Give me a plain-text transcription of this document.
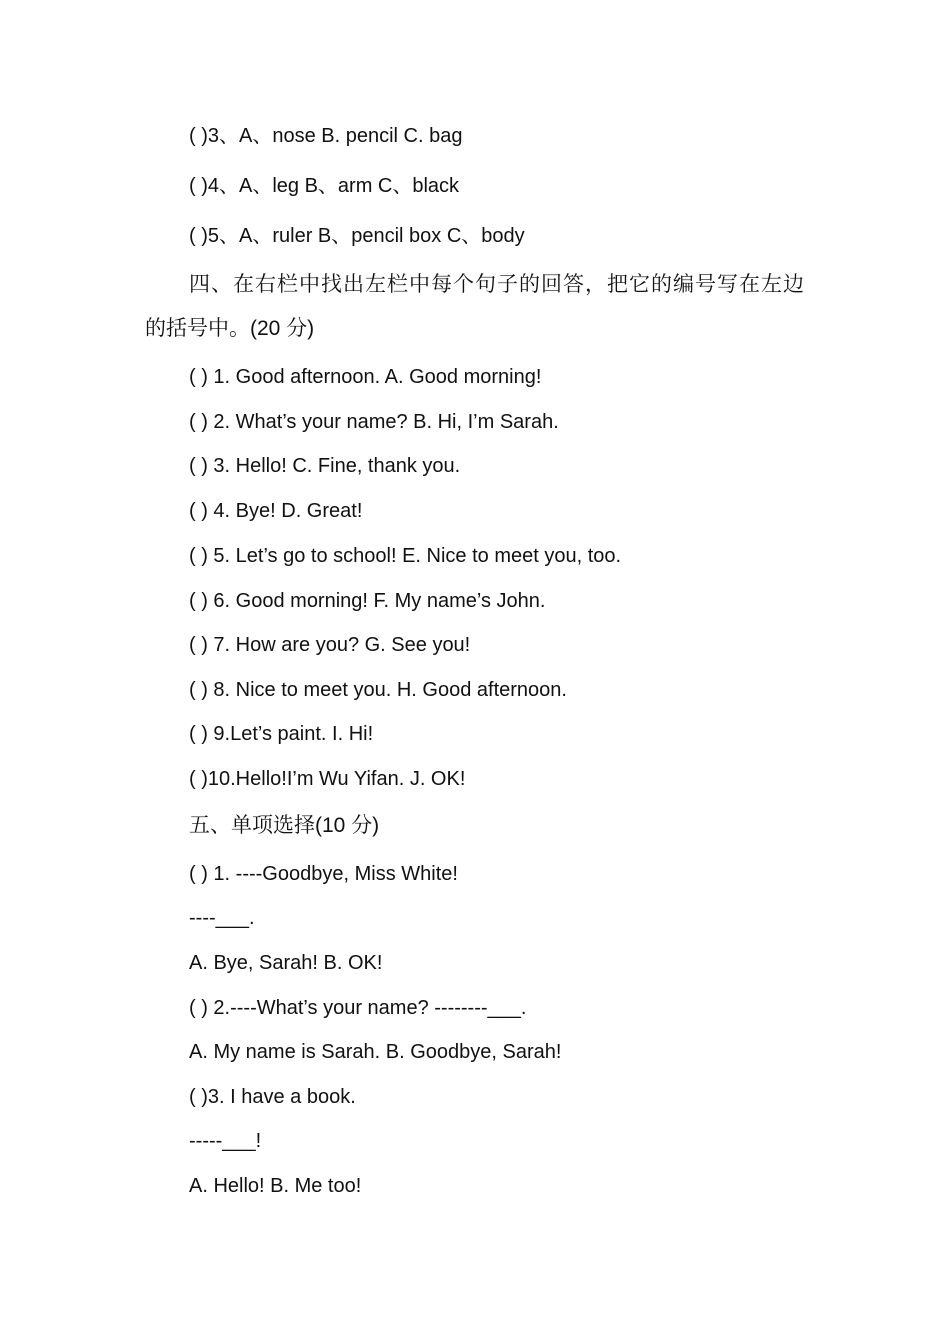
( )3、A、nose B. pencil C. bag
( )4、A、leg B、arm C、black
( )5、A、ruler B、pencil box C、body
四、在右栏中找出左栏中每个句子的回答，把它的编号写在左边
的括号中。(20 分)
( ) 1. Good afternoon. A. Good morning!
( ) 2. What’s your name? B. Hi, I’m Sarah.
( ) 3. Hello! C. Fine, thank you.
( ) 4. Bye! D. Great!
( ) 5. Let’s go to school! E. Nice to meet you, too.
( ) 6. Good morning! F. My name’s John.
( ) 7. How are you? G. See you!
( ) 8. Nice to meet you. H. Good afternoon.
( ) 9.Let’s paint. I. Hi!
( )10.Hello!I’m Wu Yifan. J. OK!
五、单项选择(10 分)
( ) 1. ----Goodbye, Miss White!
----___.
A. Bye, Sarah! B. OK!
( ) 2.----What’s your name? --------___.
A. My name is Sarah. B. Goodbye, Sarah!
( )3. I have a book.
-----___!
A. Hello! B. Me too!
